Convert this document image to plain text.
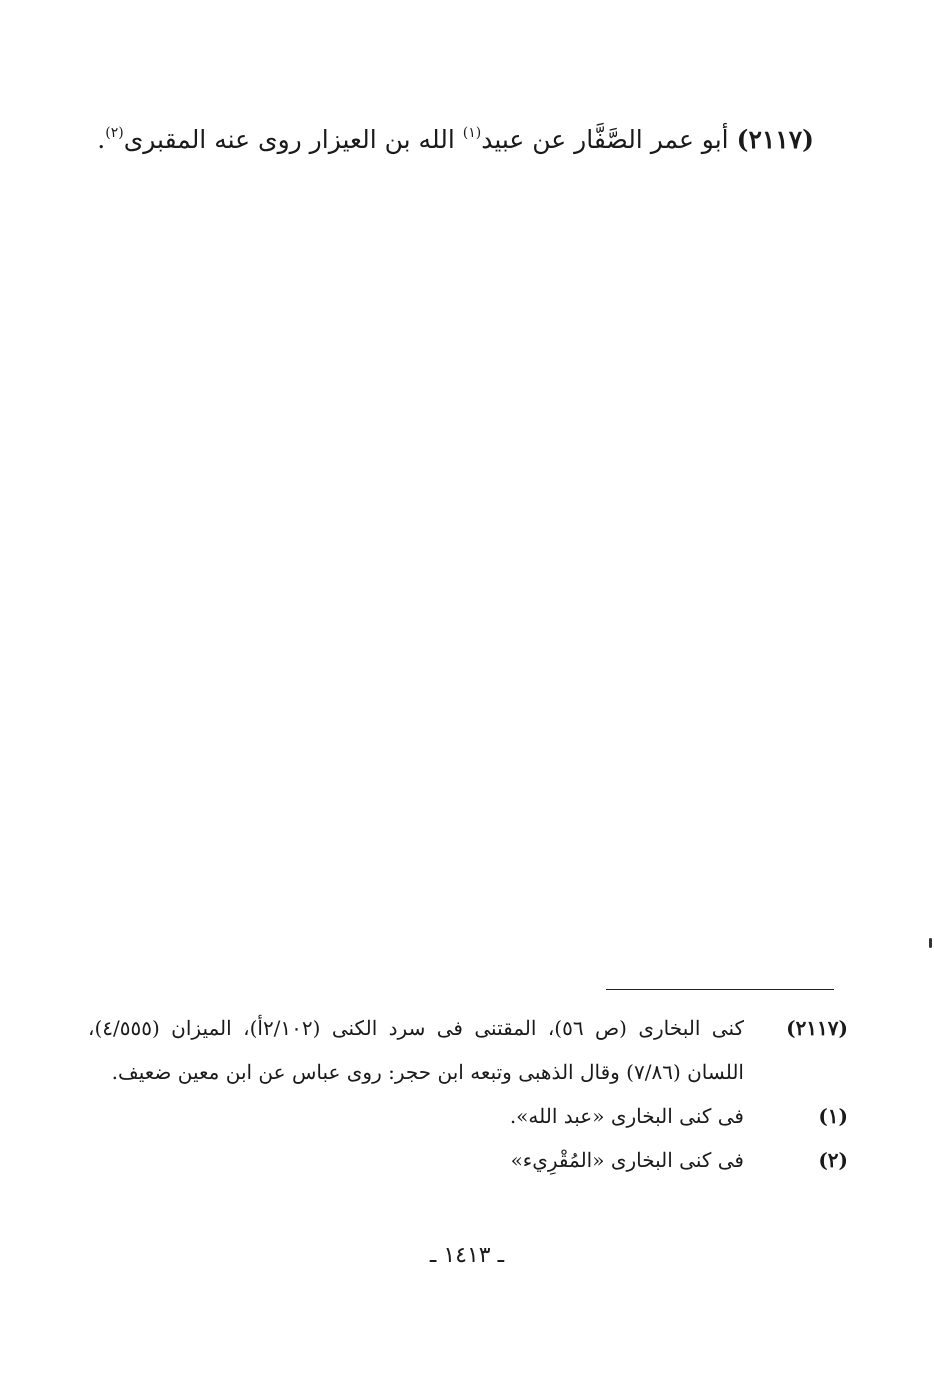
(٢١١٧) أبو عمر الصَّفَّار عن عبيد$^{(١)}$ الله بن العيزار روى عنه المقبرى$^{(٢)}$.
(٢١١٧)
كنى البخارى (ص ٥٦)، المقتنى فى سرد الكنى (٢/١٠٢أ)، الميزان (٤/٥٥٥)، اللسان (٧/٨٦) وقال الذهبى وتبعه ابن حجر: روى عباس عن ابن معين ضعيف.
(١)
فى كنى البخارى «عبد الله».
(٢)
فى كنى البخارى «المُقْرِيء»
ـ ١٤١٣ ـ
